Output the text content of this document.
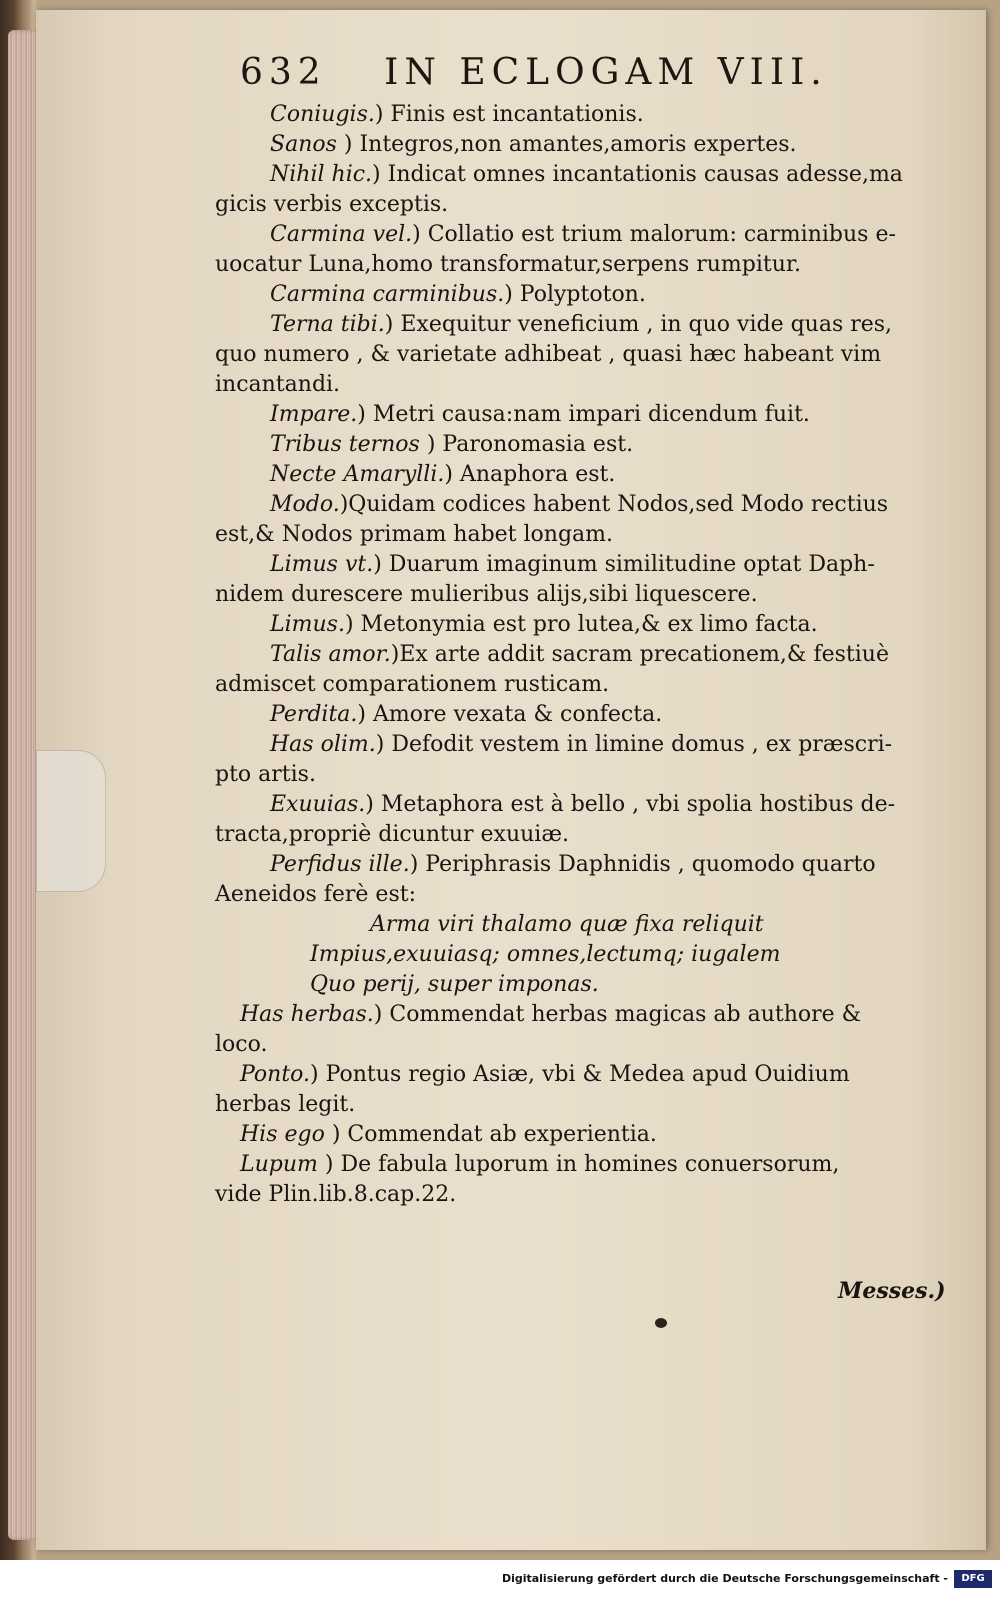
632 IN ECLOGAM VIII.
Coniugis.) Finis est incantationis.
Sanos ) Integros,non amantes,amoris expertes.
Nihil hic.) Indicat omnes incantationis causas adesse,ma
gicis verbis exceptis.
Carmina vel.) Collatio est trium malorum: carminibus e-
uocatur Luna,homo transformatur,serpens rumpitur.
Carmina carminibus.) Polyptoton.
Terna tibi.) Exequitur veneficium , in quo vide quas res,
quo numero , & varietate adhibeat , quasi hæc habeant vim
incantandi.
Impare.) Metri causa:nam impari dicendum fuit.
Tribus ternos ) Paronomasia est.
Necte Amarylli.) Anaphora est.
Modo.)Quidam codices habent Nodos,sed Modo rectius
est,& Nodos primam habet longam.
Limus vt.) Duarum imaginum similitudine optat Daph-
nidem durescere mulieribus alijs,sibi liquescere.
Limus.) Metonymia est pro lutea,& ex limo facta.
Talis amor.)Ex arte addit sacram precationem,& festiuè
admiscet comparationem rusticam.
Perdita.) Amore vexata & confecta.
Has olim.) Defodit vestem in limine domus , ex præscri-
pto artis.
Exuuias.) Metaphora est à bello , vbi spolia hostibus de-
tracta,propriè dicuntur exuuiæ.
Perfidus ille.) Periphrasis Daphnidis , quomodo quarto
Aeneidos ferè est:
Arma viri thalamo quæ fixa reliquit
Impius,exuuiasq; omnes,lectumq; iugalem
Quo perij, super imponas.
Has herbas.) Commendat herbas magicas ab authore &
loco.
Ponto.) Pontus regio Asiæ, vbi & Medea apud Ouidium
herbas legit.
His ego ) Commendat ab experientia.
Lupum ) De fabula luporum in homines conuersorum,
vide Plin.lib.8.cap.22.
Messes.)
Digitalisierung gefördert durch die Deutsche Forschungsgemeinschaft -	DFG
